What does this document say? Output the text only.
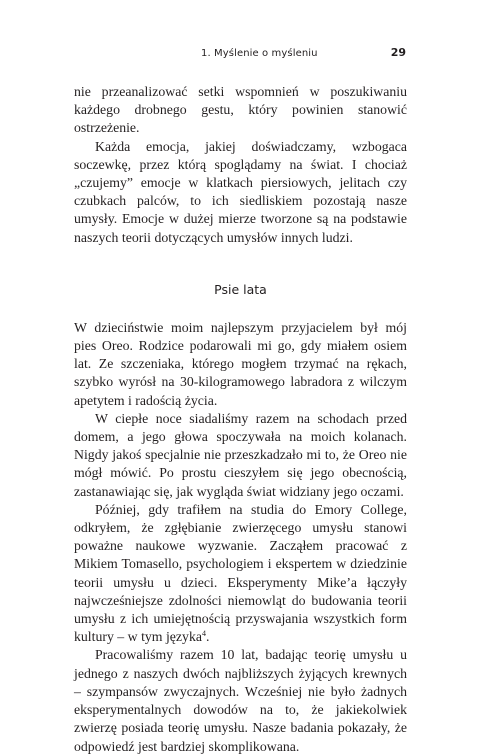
1. Myślenie o myśleniu	29

nie przeanalizować setki wspomnień w poszukiwaniu każdego drobnego gestu, który powinien stanowić ostrzeżenie.

Każda emocja, jakiej doświadczamy, wzbogaca soczewkę, przez którą spoglądamy na świat. I chociaż „czujemy” emocje w klatkach piersiowych, jelitach czy czubkach palców, to ich siedliskiem pozostają nasze umysły. Emocje w dużej mierze tworzone są na podstawie naszych teorii dotyczących umysłów innych ludzi.

Psie lata

W dzieciństwie moim najlepszym przyjacielem był mój pies Oreo. Rodzice podarowali mi go, gdy miałem osiem lat. Ze szczeniaka, którego mogłem trzymać na rękach, szybko wyrósł na 30-kilogramowego labradora z wilczym apetytem i radością życia.

W ciepłe noce siadaliśmy razem na schodach przed domem, a jego głowa spoczywała na moich kolanach. Nigdy jakoś specjalnie nie przeszkadzało mi to, że Oreo nie mógł mówić. Po prostu cieszyłem się jego obecnością, zastanawiając się, jak wygląda świat widziany jego oczami.

Później, gdy trafiłem na studia do Emory College, odkryłem, że zgłębianie zwierzęcego umysłu stanowi poważne naukowe wyzwanie. Zacząłem pracować z Mikiem Tomasello, psychologiem i ekspertem w dziedzinie teorii umysłu u dzieci. Eksperymenty Mike’a łączyły najwcześniejsze zdolności niemowląt do budowania teorii umysłu z ich umiejętnością przyswajania wszystkich form kultury – w tym języka$^4$.

Pracowaliśmy razem 10 lat, badając teorię umysłu u jednego z naszych dwóch najbliższych żyjących krewnych – szympansów zwyczajnych. Wcześniej nie było żadnych eksperymentalnych dowodów na to, że jakiekolwiek zwierzę posiada teorię umysłu. Nasze badania pokazały, że odpowiedź jest bardziej skomplikowana.
